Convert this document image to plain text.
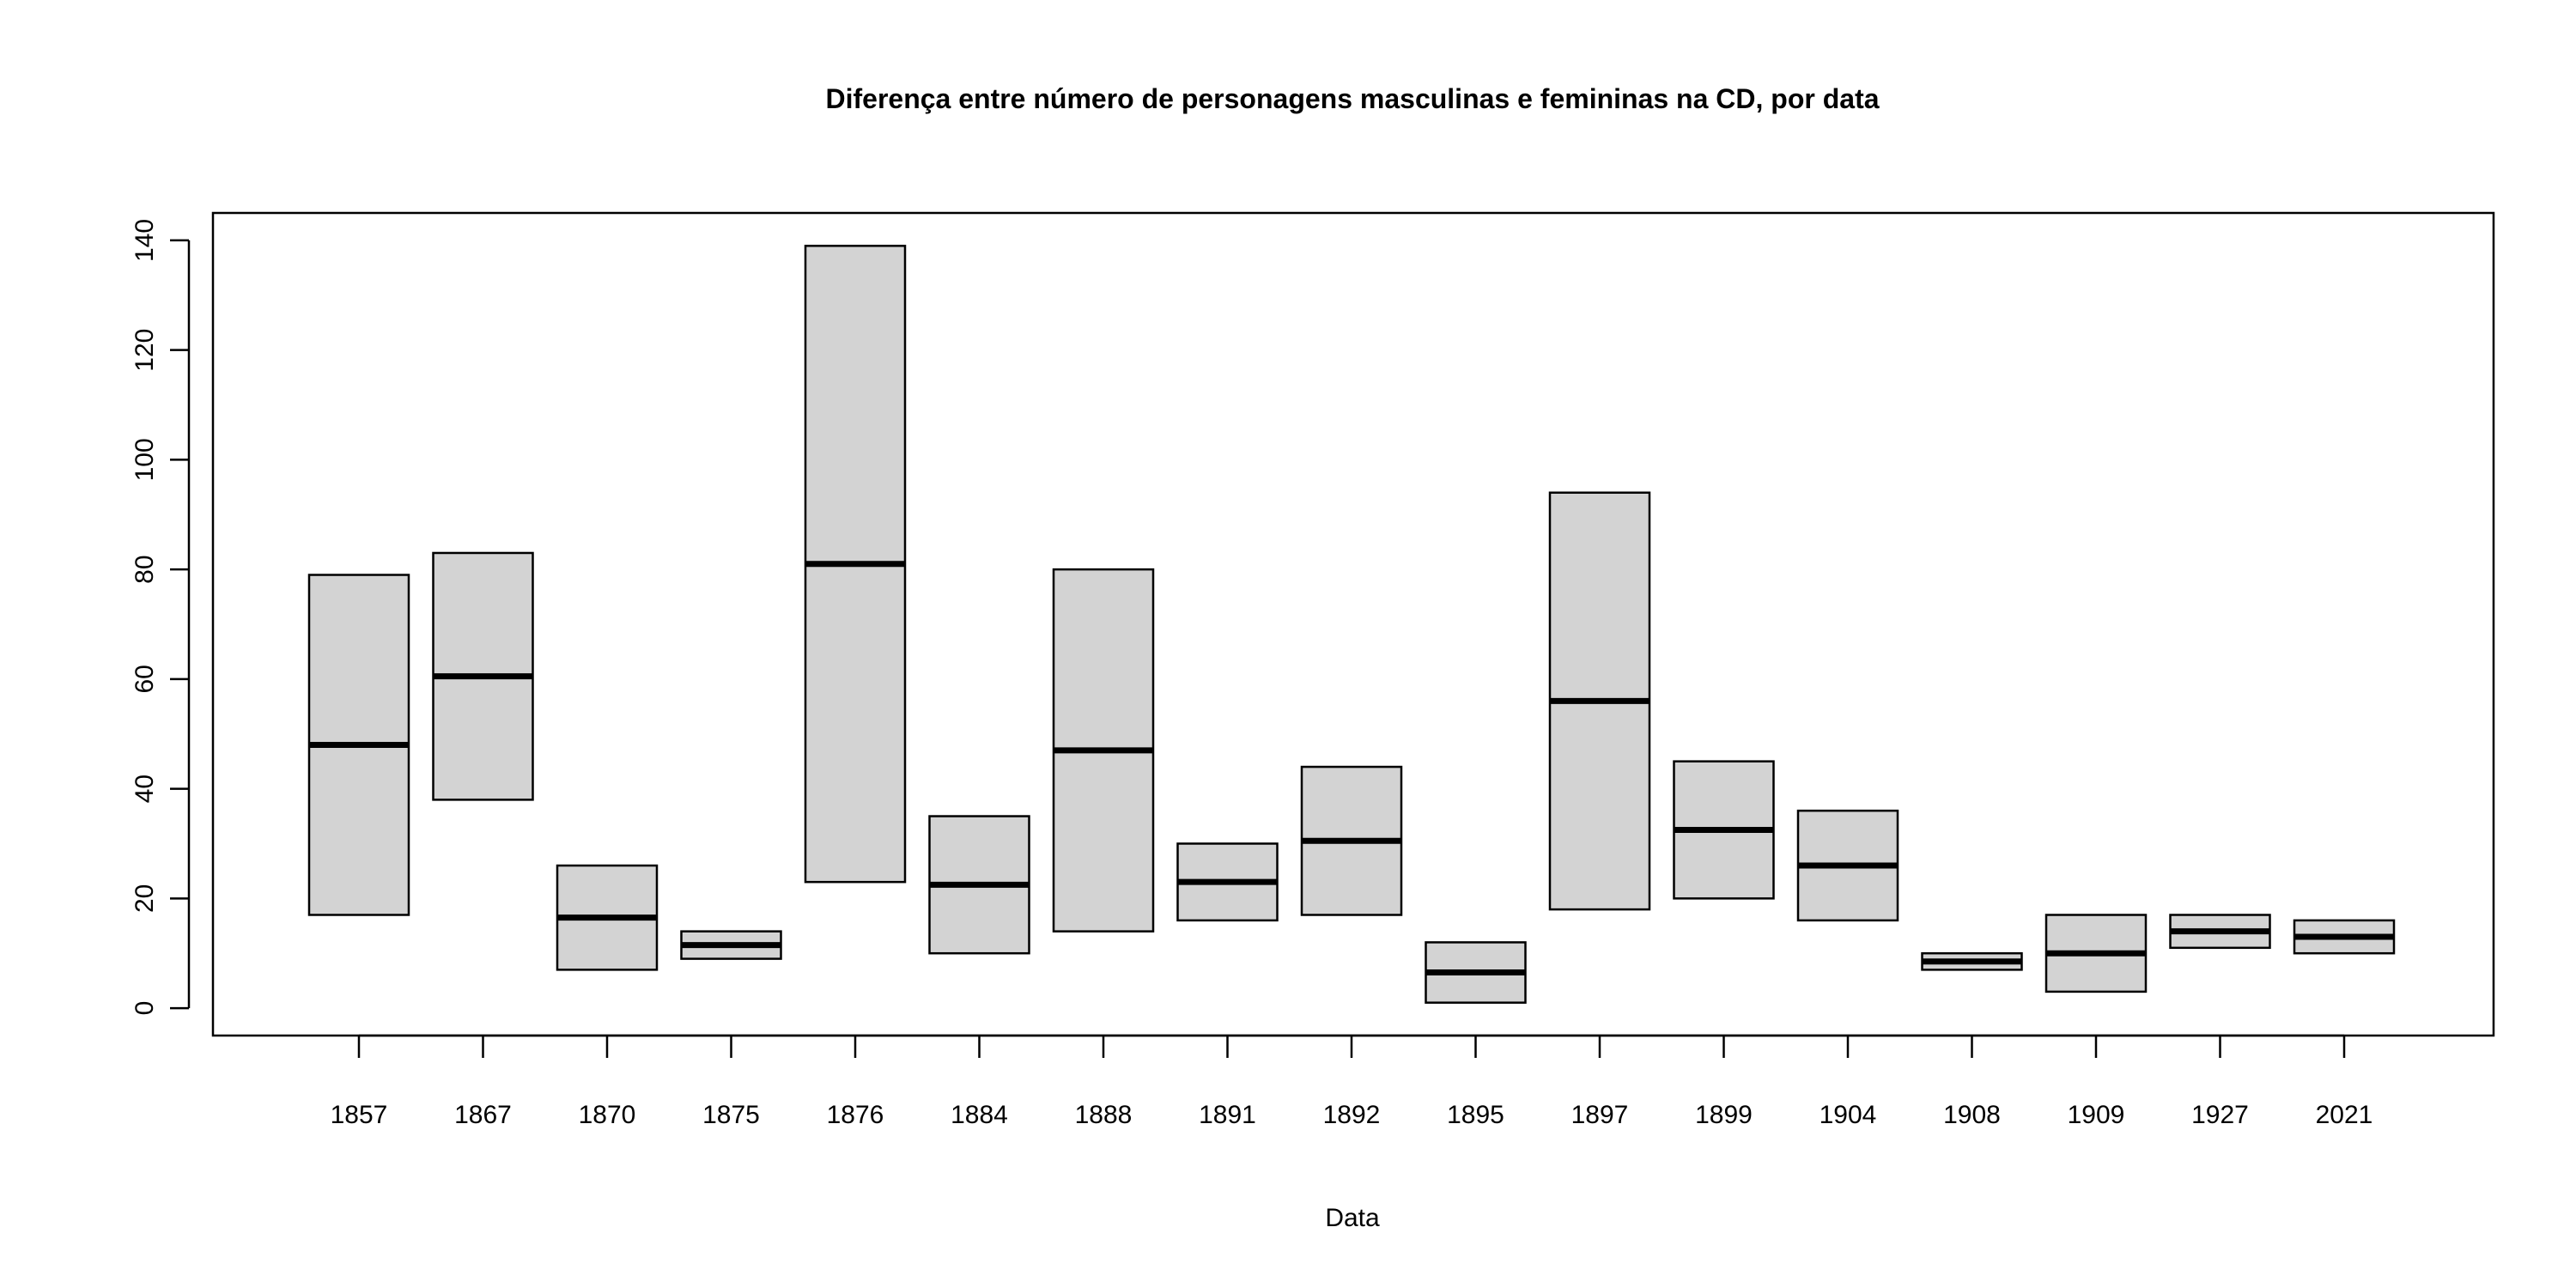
Diferença entre número de personagens masculinas e femininas na CD, por data
Data
0
20
40
60
80
100
120
140
1857	1867	1870	1875	1876	1884	1888	1891	1892	1895	1897	1899	1904	1908	1909	1927	2021
